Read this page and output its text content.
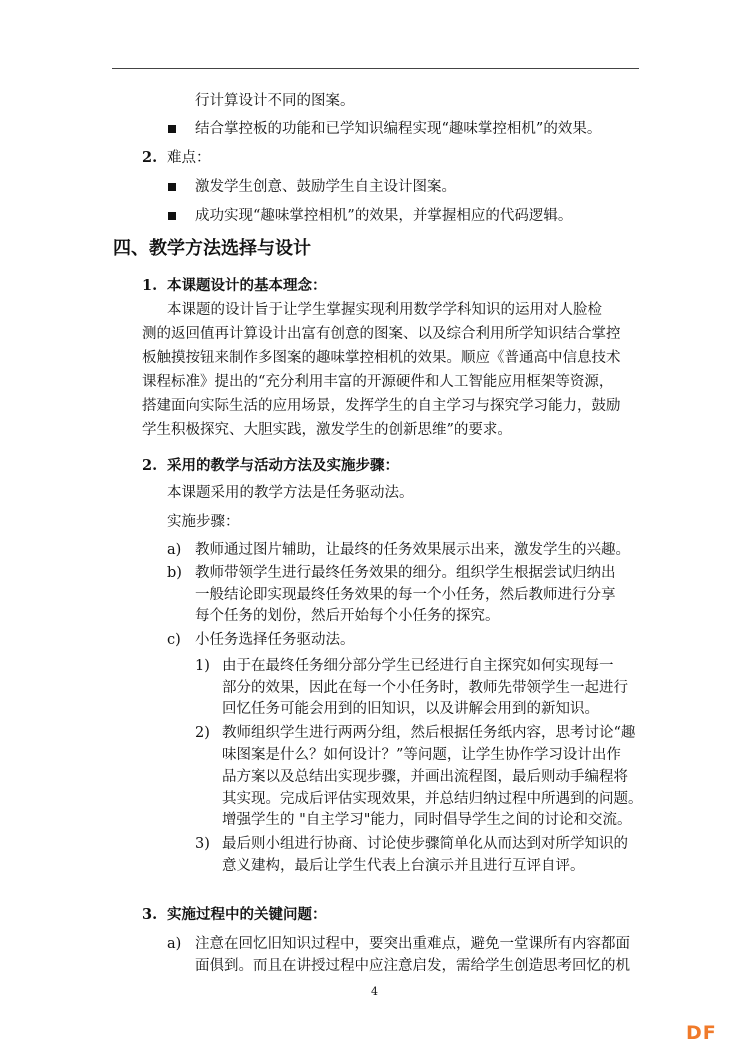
行计算设计不同的图案。
结合掌控板的功能和已学知识编程实现“趣味掌控相机”的效果。
2. 难点：
激发学生创意、鼓励学生自主设计图案。
成功实现“趣味掌控相机”的效果，并掌握相应的代码逻辑。
四、教学方法选择与设计
1. 本课题设计的基本理念：
本课题的设计旨于让学生掌握实现利用数学学科知识的运用对人脸检
测的返回值再计算设计出富有创意的图案、以及综合利用所学知识结合掌控
板触摸按钮来制作多图案的趣味掌控相机的效果。顺应《普通高中信息技术
课程标准》提出的“充分利用丰富的开源硬件和人工智能应用框架等资源，
搭建面向实际生活的应用场景，发挥学生的自主学习与探究学习能力，鼓励
学生积极探究、大胆实践，激发学生的创新思维”的要求。
2. 采用的教学与活动方法及实施步骤：
本课题采用的教学方法是任务驱动法。
实施步骤：
a) 教师通过图片辅助，让最终的任务效果展示出来，激发学生的兴趣。
b) 教师带领学生进行最终任务效果的细分。组织学生根据尝试归纳出
一般结论即实现最终任务效果的每一个小任务，然后教师进行分享
每个任务的划份，然后开始每个小任务的探究。
c) 小任务选择任务驱动法。
1) 由于在最终任务细分部分学生已经进行自主探究如何实现每一
部分的效果，因此在每一个小任务时，教师先带领学生一起进行
回忆任务可能会用到的旧知识，以及讲解会用到的新知识。
2) 教师组织学生进行两两分组，然后根据任务纸内容，思考讨论“趣
味图案是什么？如何设计？”等问题，让学生协作学习设计出作
品方案以及总结出实现步骤，并画出流程图，最后则动手编程将
其实现。完成后评估实现效果，并总结归纳过程中所遇到的问题。
增强学生的 "自主学习"能力，同时倡导学生之间的讨论和交流。
3) 最后则小组进行协商、讨论使步骤简单化从而达到对所学知识的
意义建构，最后让学生代表上台演示并且进行互评自评。
3. 实施过程中的关键问题：
a) 注意在回忆旧知识过程中，要突出重难点，避免一堂课所有内容都面
面俱到。而且在讲授过程中应注意启发，需给学生创造思考回忆的机
4
DF
